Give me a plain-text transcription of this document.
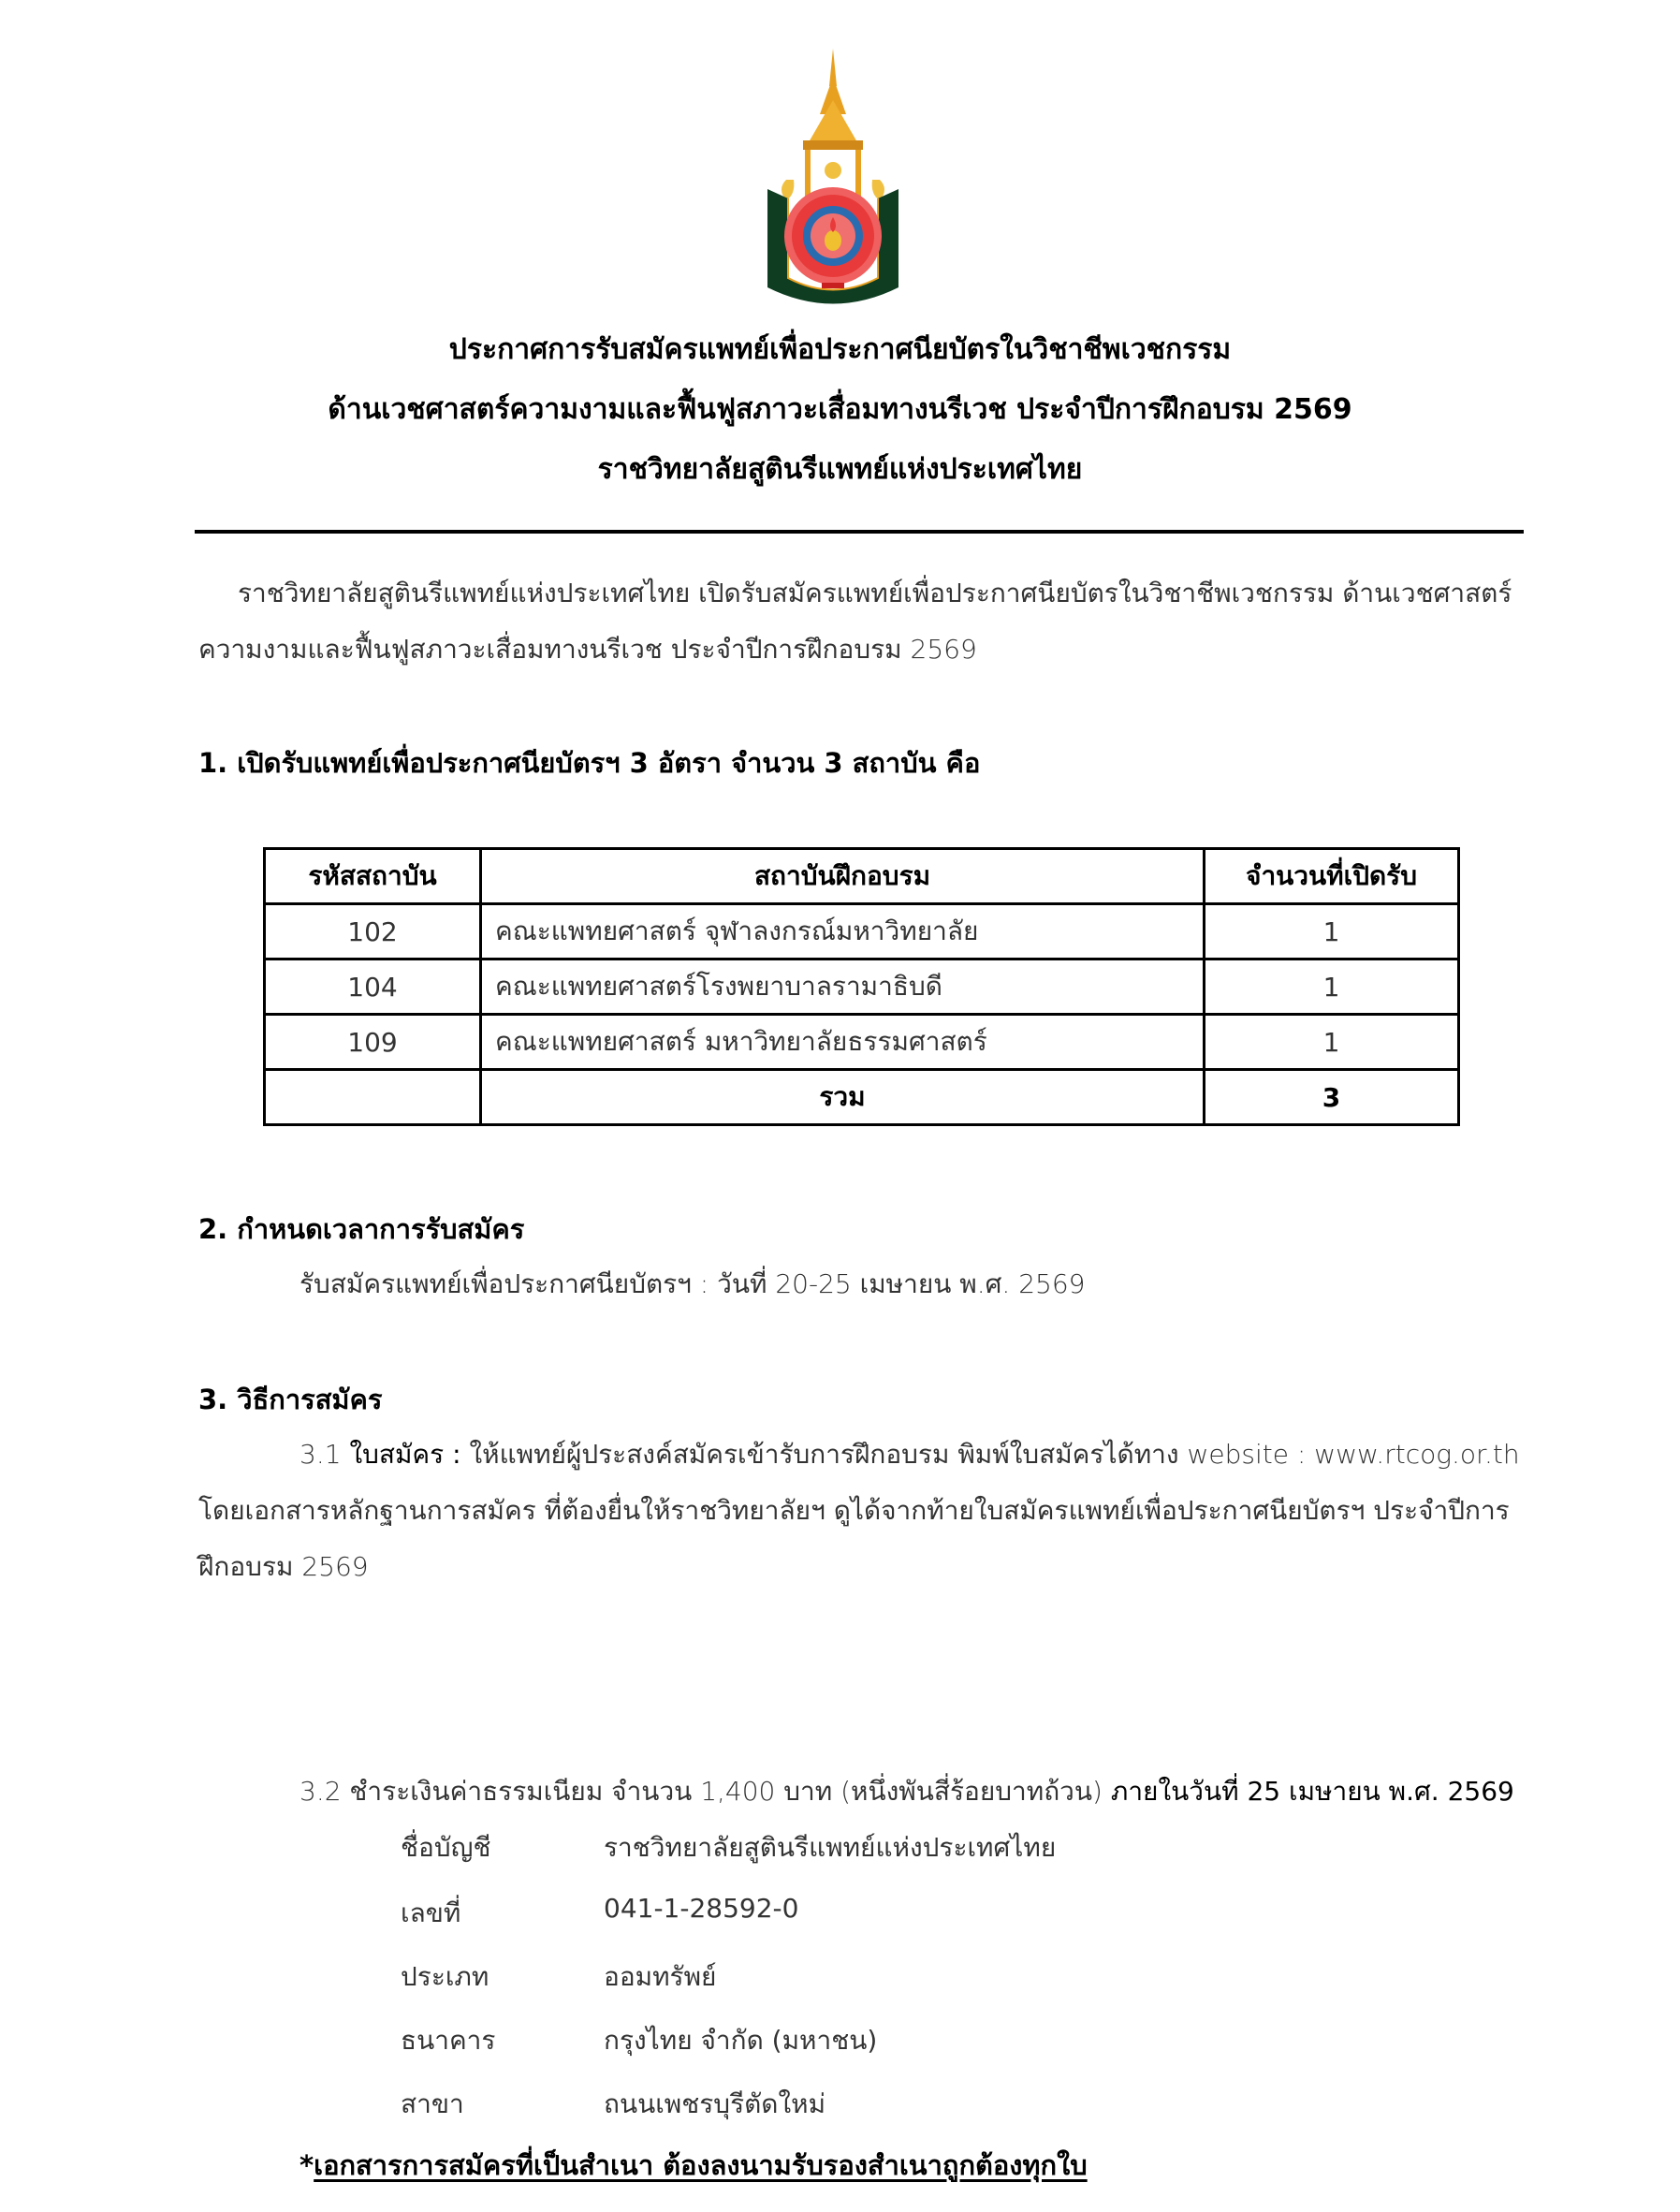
ประกาศการรับสมัครแพทย์เพื่อประกาศนียบัตรในวิชาชีพเวชกรรม
ด้านเวชศาสตร์ความงามและฟื้นฟูสภาวะเสื่อมทางนรีเวช ประจำปีการฝึกอบรม 2569
ราชวิทยาลัยสูตินรีแพทย์แห่งประเทศไทย
ราชวิทยาลัยสูตินรีแพทย์แห่งประเทศไทย เปิดรับสมัครแพทย์เพื่อประกาศนียบัตรในวิชาชีพเวชกรรม ด้านเวชศาสตร์
ความงามและฟื้นฟูสภาวะเสื่อมทางนรีเวช ประจำปีการฝึกอบรม 2569
1. เปิดรับแพทย์เพื่อประกาศนียบัตรฯ 3 อัตรา จำนวน 3 สถาบัน คือ
รหัสสถาบัน	สถาบันฝึกอบรม	จำนวนที่เปิดรับ
102	คณะแพทยศาสตร์ จุฬาลงกรณ์มหาวิทยาลัย	1
104	คณะแพทยศาสตร์โรงพยาบาลรามาธิบดี	1
109	คณะแพทยศาสตร์ มหาวิทยาลัยธรรมศาสตร์	1
	รวม	3
2. กำหนดเวลาการรับสมัคร
รับสมัครแพทย์เพื่อประกาศนียบัตรฯ : วันที่ 20-25 เมษายน พ.ศ. 2569
3. วิธีการสมัคร
3.1 ใบสมัคร : ให้แพทย์ผู้ประสงค์สมัครเข้ารับการฝึกอบรม พิมพ์ใบสมัครได้ทาง website : www.rtcog.or.th
โดยเอกสารหลักฐานการสมัคร ที่ต้องยื่นให้ราชวิทยาลัยฯ ดูได้จากท้ายใบสมัครแพทย์เพื่อประกาศนียบัตรฯ ประจำปีการ
ฝึกอบรม 2569
3.2 ชำระเงินค่าธรรมเนียม จำนวน 1,400 บาท (หนึ่งพันสี่ร้อยบาทถ้วน) ภายในวันที่ 25 เมษายน พ.ศ. 2569
ชื่อบัญชี	ราชวิทยาลัยสูตินรีแพทย์แห่งประเทศไทย
เลขที่	041-1-28592-0
ประเภท	ออมทรัพย์
ธนาคาร	กรุงไทย จำกัด (มหาชน)
สาขา	ถนนเพชรบุรีตัดใหม่
*เอกสารการสมัครที่เป็นสำเนา ต้องลงนามรับรองสำเนาถูกต้องทุกใบ
